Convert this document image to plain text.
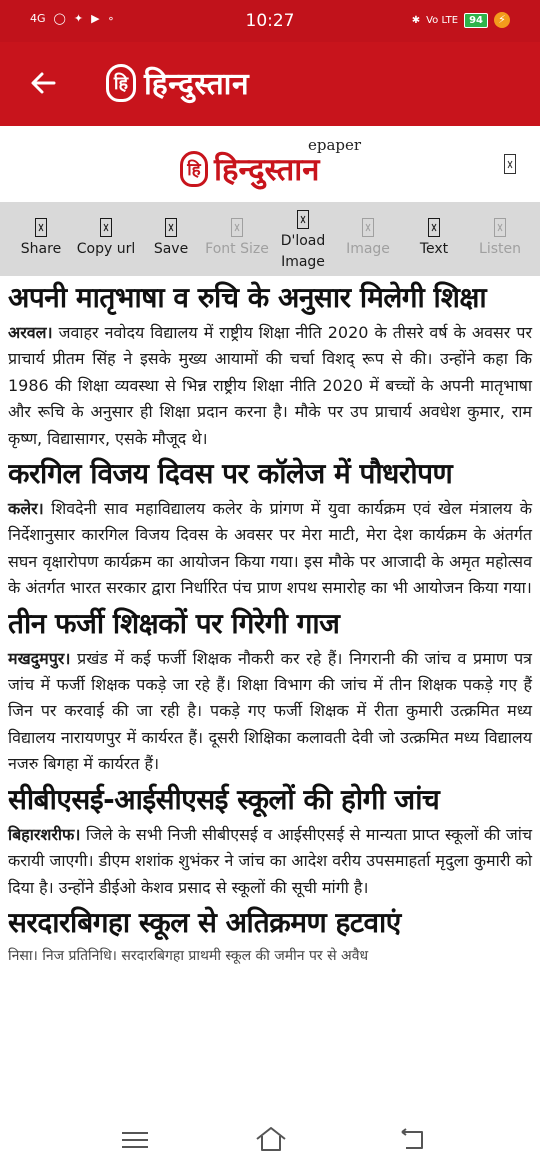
4G ◯ ✦ ▶ ∘	10:27	✱ Vo LTE	94	⚡
हि हिन्दुस्तान
epaper
हि हिन्दुस्तान
Share Copy url Save Font Size D'load
Image
Image	Text	Listen
अपनी मातृभाषा व रुचि के अनुसार मिलेगी शिक्षा

अरवल। जवाहर नवोदय विद्यालय में राष्ट्रीय शिक्षा नीति 2020 के तीसरे वर्ष के अवसर पर प्राचार्य प्रीतम सिंह ने इसके मुख्य आयामों की चर्चा विशद् रूप से की। उन्होंने कहा कि 1986 की शिक्षा व्यवस्था से भिन्न राष्ट्रीय शिक्षा नीति 2020 में बच्चों के अपनी मातृभाषा और रूचि के अनुसार ही शिक्षा प्रदान करना है। मौके पर उप प्राचार्य अवधेश कुमार, राम कृष्ण, विद्यासागर, एसके मौजूद थे।

करगिल विजय दिवस पर कॉलेज में पौधरोपण

कलेर। शिवदेनी साव महाविद्यालय कलेर के प्रांगण में युवा कार्यक्रम एवं खेल मंत्रालय के निर्देशानुसार कारगिल विजय दिवस के अवसर पर मेरा माटी, मेरा देश कार्यक्रम के अंतर्गत सघन वृक्षारोपण कार्यक्रम का आयोजन किया गया। इस मौके पर आजादी के अमृत महोत्सव के अंतर्गत भारत सरकार द्वारा निर्धारित पंच प्राण शपथ समारोह का भी आयोजन किया गया।

तीन फर्जी शिक्षकों पर गिरेगी गाज

मखदुमपुर। प्रखंड में कई फर्जी शिक्षक नौकरी कर रहे हैं। निगरानी की जांच व प्रमाण पत्र जांच में फर्जी शिक्षक पकड़े जा रहे हैं। शिक्षा विभाग की जांच में तीन शिक्षक पकड़े गए हैं जिन पर करवाई की जा रही है। पकड़े गए फर्जी शिक्षक में रीता कुमारी उत्क्रमित मध्य विद्यालय नारायणपुर में कार्यरत हैं। दूसरी शिक्षिका कलावती देवी जो उत्क्रमित मध्य विद्यालय नजरु बिगहा में कार्यरत हैं।

सीबीएसई-आईसीएसई स्कूलों की होगी जांच

बिहारशरीफ। जिले के सभी निजी सीबीएसई व आईसीएसई से मान्यता प्राप्त स्कूलों की जांच करायी जाएगी। डीएम शशांक शुभंकर ने जांच का आदेश वरीय उपसमाहर्ता मृदुला कुमारी को दिया है। उन्होंने डीईओ केशव प्रसाद से स्कूलों की सूची मांगी है।

सरदारबिगहा स्कूल से अतिक्रमण हटवाएं

निसा। निज प्रतिनिधि। सरदारबिगहा प्राथमी स्कूल की जमीन पर से अवैध
